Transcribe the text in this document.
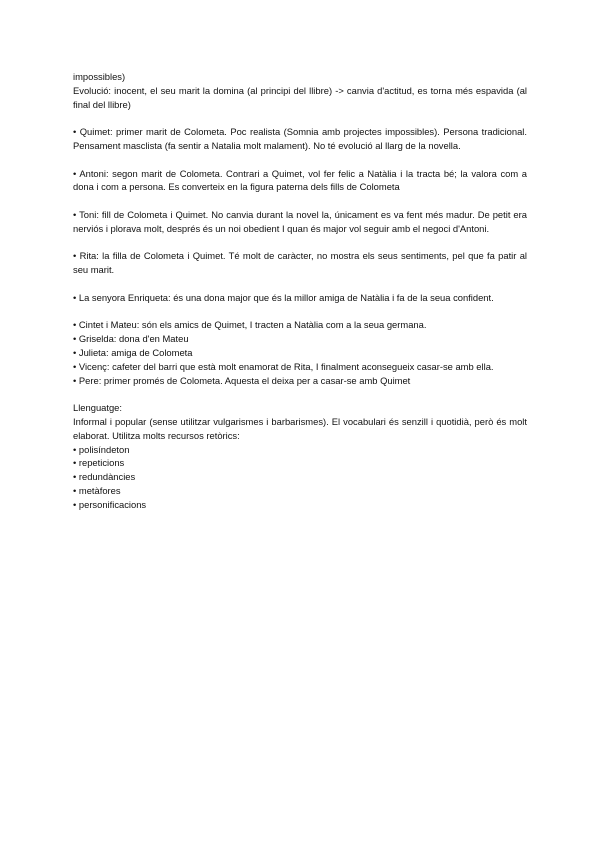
impossibles)

Evolució: inocent, el seu marit la domina (al principi del llibre) -> canvia d'actitud, es torna més espavida (al final del llibre)

• Quimet: primer marit de Colometa. Poc realista (Somnia amb projectes impossibles). Persona tradicional. Pensament masclista (fa sentir a Natalia molt malament). No té evolució al llarg de la novella.

• Antoni: segon marit de Colometa. Contrari a Quimet, vol fer felic a Natàlia i la tracta bé; la valora com a dona i com a persona. Es converteix en la figura paterna dels fills de Colometa

• Toni: fill de Colometa i Quimet. No canvia durant la novel la, únicament es va fent més madur. De petit era nerviós i plorava molt, després és un noi obedient I quan és major vol seguir amb el negoci d'Antoni.

• Rita: la filla de Colometa i Quimet. Té molt de caràcter, no mostra els seus sentiments, pel que fa patir al seu marit.

• La senyora Enriqueta: és una dona major que és la millor amiga de Natàlia i fa de la seua confident.

• Cintet i Mateu: són els amics de Quimet, I tracten a Natàlia com a la seua germana.

• Griselda: dona d'en Mateu

• Julieta: amiga de Colometa

• Vicenç: cafeter del barri que està molt enamorat de Rita, I finalment aconsegueix casar-se amb ella.

• Pere: primer promés de Colometa. Aquesta el deixa per a casar-se amb Quimet

Llenguatge:

Informal i popular (sense utilitzar vulgarismes i barbarismes). El vocabulari és senzill i quotidià, però és molt elaborat. Utilitza molts recursos retòrics:

• polisíndeton

• repeticions

• redundàncies

• metàfores

• personificacions
